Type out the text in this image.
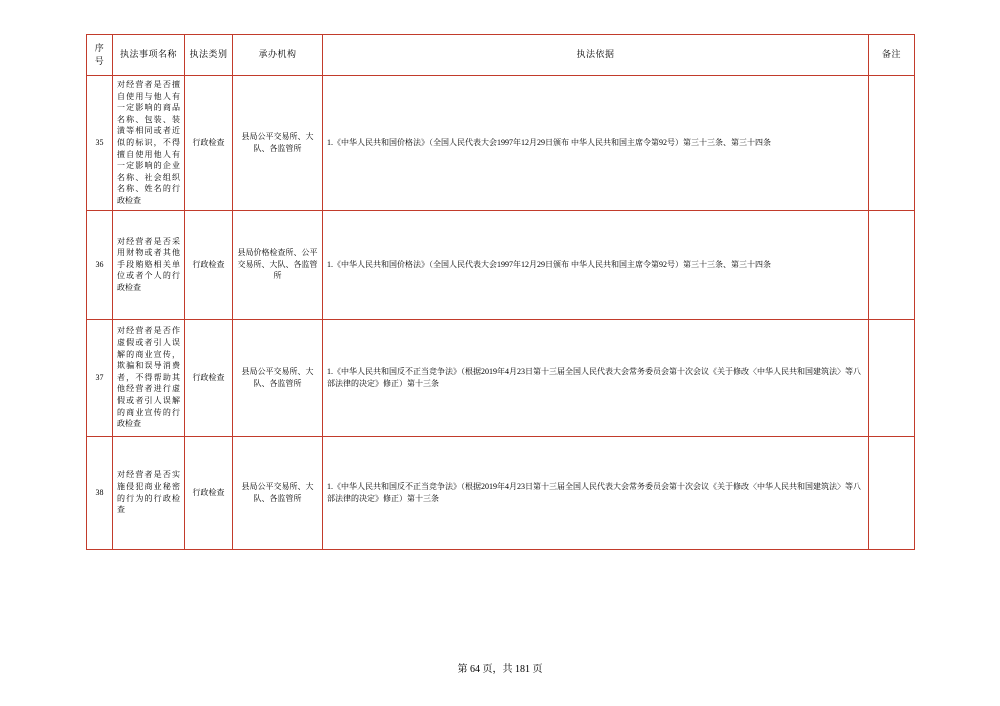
序号	执法事项名称	执法类别	承办机构	执法依据	备注
35	对经营者是否擅自使用与他人有一定影响的商品名称、包装、装潢等相同或者近似的标识，不得擅自使用他人有一定影响的企业名称、社会组织名称、姓名的行政检查	行政检查	县局公平交易所、大队、各监管所	1.《中华人民共和国价格法》（全国人民代表大会1997年12月29日颁布 中华人民共和国主席令第92号）第三十三条、第三十四条	
36	对经营者是否采用财物或者其他手段贿赂相关单位或者个人的行政检查	行政检查	县局价格检查所、公平交易所、大队、各监管所	1.《中华人民共和国价格法》（全国人民代表大会1997年12月29日颁布 中华人民共和国主席令第92号）第三十三条、第三十四条	
37	对经营者是否作虚假或者引人误解的商业宣传，欺骗和误导消费者，不得帮助其他经营者进行虚假或者引人误解的商业宣传的行政检查	行政检查	县局公平交易所、大队、各监管所	1.《中华人民共和国反不正当竞争法》（根据2019年4月23日第十三届全国人民代表大会常务委员会第十次会议《关于修改〈中华人民共和国建筑法〉等八部法律的决定》修正）第十三条	
38	对经营者是否实施侵犯商业秘密的行为的行政检查	行政检查	县局公平交易所、大队、各监管所	1.《中华人民共和国反不正当竞争法》（根据2019年4月23日第十三届全国人民代表大会常务委员会第十次会议《关于修改〈中华人民共和国建筑法〉等八部法律的决定》修正）第十三条	
第 64 页，共 181 页
